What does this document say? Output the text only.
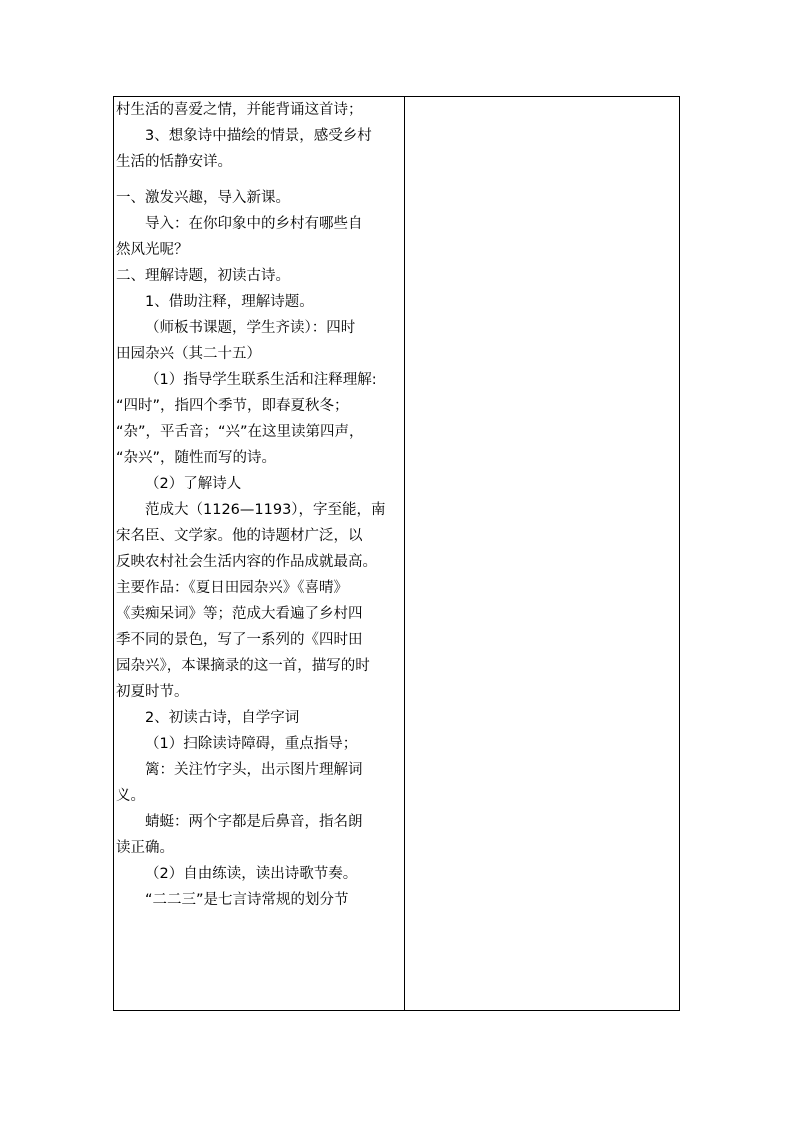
村生活的喜爱之情，并能背诵这首诗；

3、想象诗中描绘的情景，感受乡村

生活的恬静安详。

一、激发兴趣，导入新课。

导入：在你印象中的乡村有哪些自

然风光呢？

二、理解诗题，初读古诗。

1、借助注释，理解诗题。

（师板书课题，学生齐读）：四时

田园杂兴（其二十五）

（1）指导学生联系生活和注释理解:

“四时”，指四个季节，即春夏秋冬；

“杂”，平舌音；“兴”在这里读第四声，

“杂兴”，随性而写的诗。

（2）了解诗人

范成大（1126—1193），字至能，南

宋名臣、文学家。他的诗题材广泛，以

反映农村社会生活内容的作品成就最高。

主要作品：《夏日田园杂兴》《喜晴》

《卖痴呆词》等；范成大看遍了乡村四

季不同的景色，写了一系列的《四时田

园杂兴》，本课摘录的这一首，描写的时

初夏时节。

2、初读古诗，自学字词

（1）扫除读诗障碍，重点指导；

篱：关注竹字头，出示图片理解词

义。

蜻蜓：两个字都是后鼻音，指名朗

读正确。

（2）自由练读，读出诗歌节奏。

“二二三”是七言诗常规的划分节
